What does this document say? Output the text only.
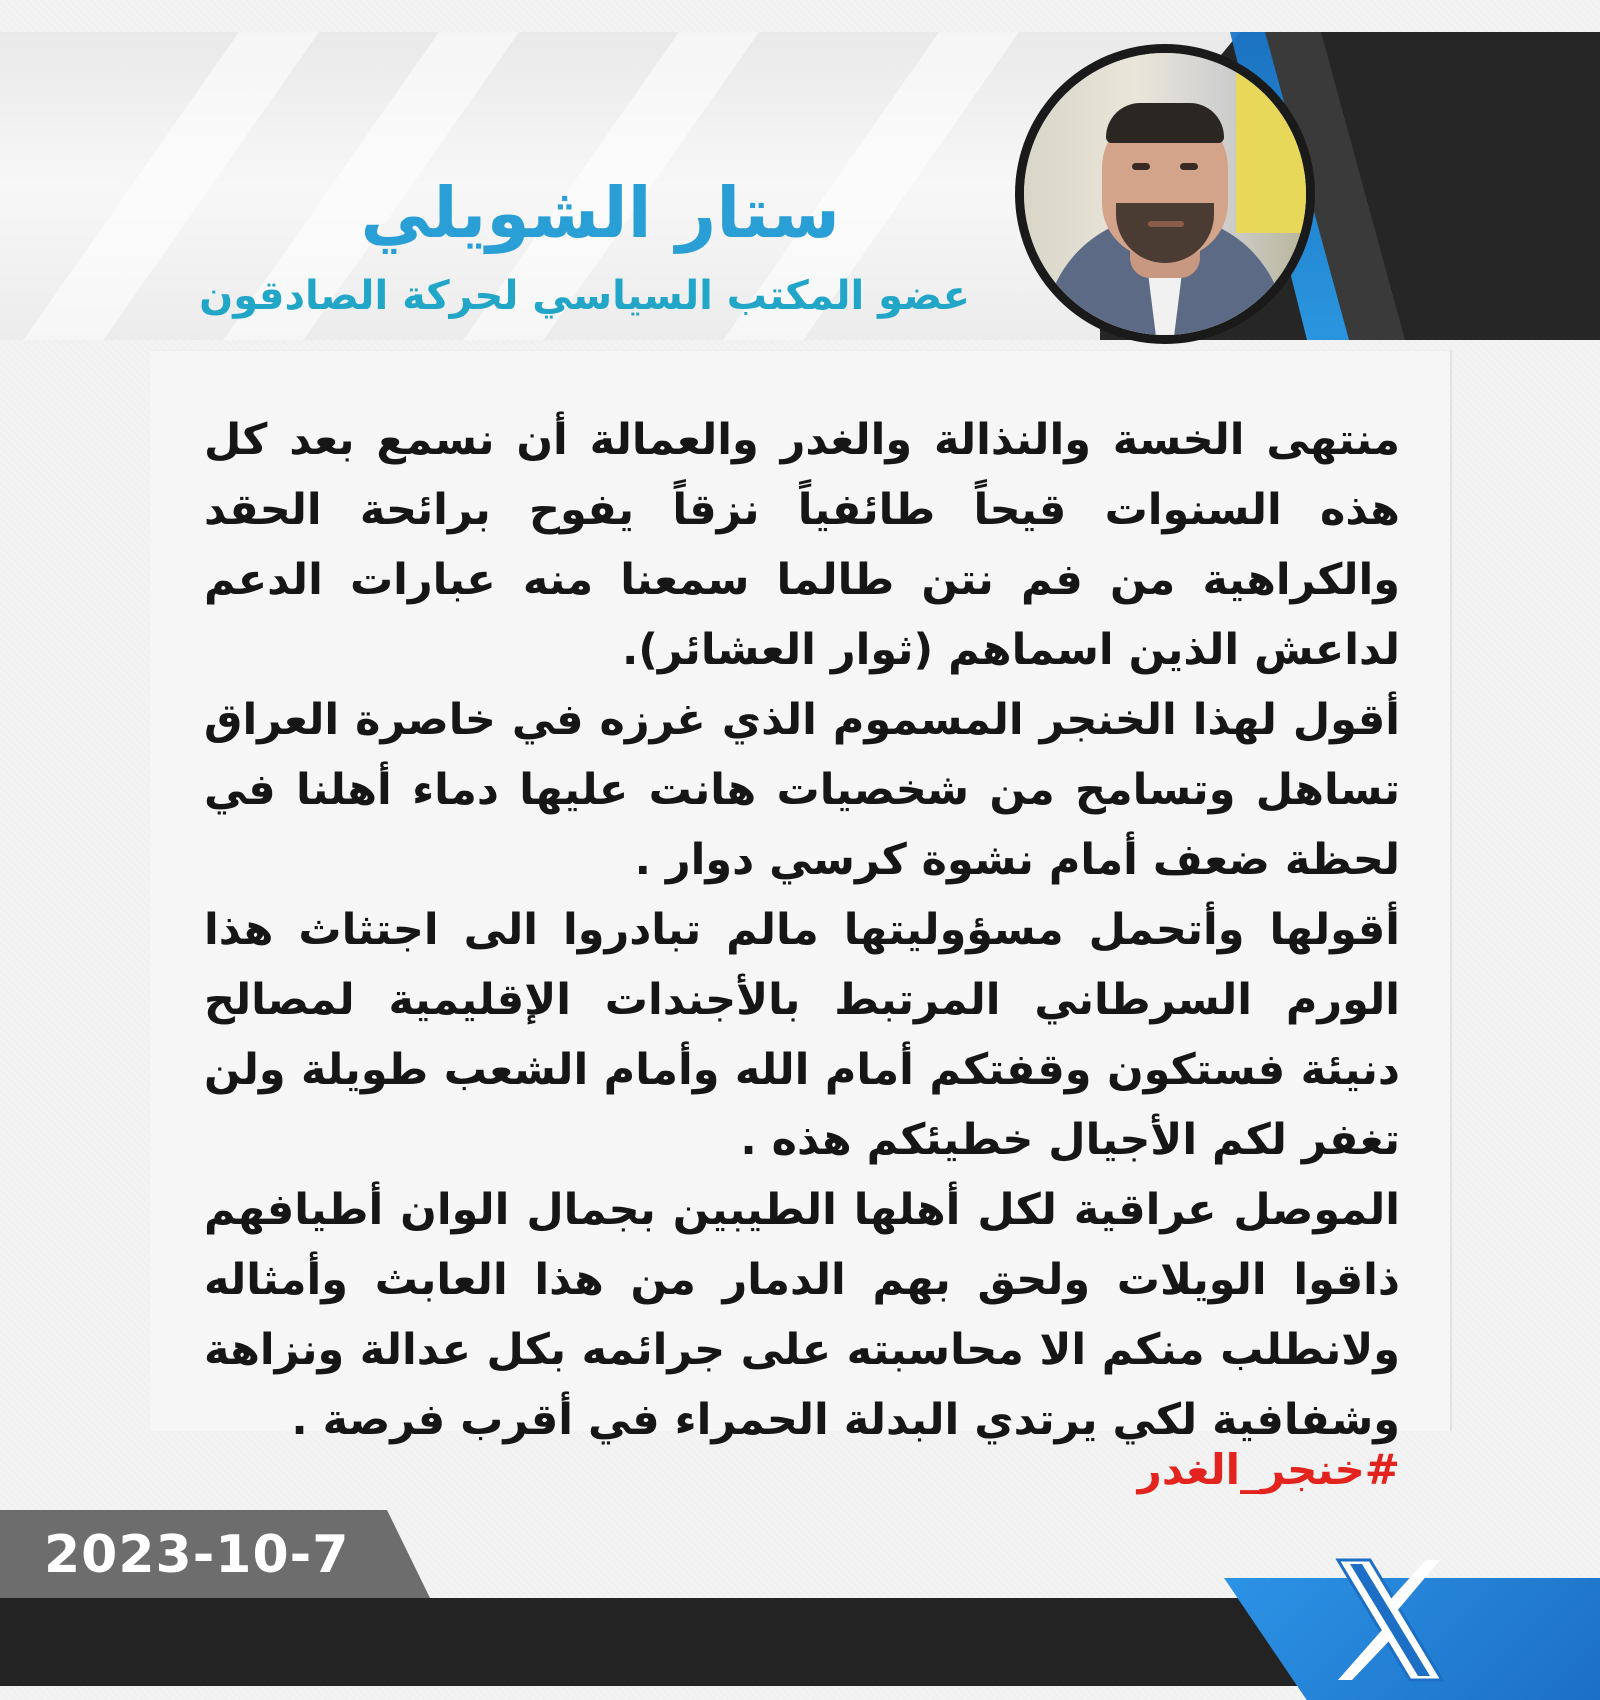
ستار الشويلي
عضو المكتب السياسي لحركة الصادقون

منتهى الخسة والنذالة والغدر والعمالة أن نسمع بعد كل هذه السنوات قيحاً طائفياً نزقاً يفوح برائحة الحقد والكراهية من فم نتن طالما سمعنا منه عبارات الدعم لداعش الذين اسماهم (ثوار العشائر).

أقول لهذا الخنجر المسموم الذي غرزه في خاصرة العراق تساهل وتسامح من شخصيات هانت عليها دماء أهلنا في لحظة ضعف أمام نشوة كرسي دوار .

أقولها وأتحمل مسؤوليتها مالم تبادروا الى اجتثاث هذا الورم السرطاني المرتبط بالأجندات الإقليمية لمصالح دنيئة فستكون وقفتكم أمام الله وأمام الشعب طويلة ولن تغفر لكم الأجيال خطيئكم هذه .

الموصل عراقية لكل أهلها الطيبين بجمال الوان أطيافهم ذاقوا الويلات ولحق بهم الدمار من هذا العابث وأمثاله ولانطلب منكم الا محاسبته على جرائمه بكل عدالة ونزاهة وشفافية لكي يرتدي البدلة الحمراء في أقرب فرصة .

#خنجر_الغدر
2023-10-7
